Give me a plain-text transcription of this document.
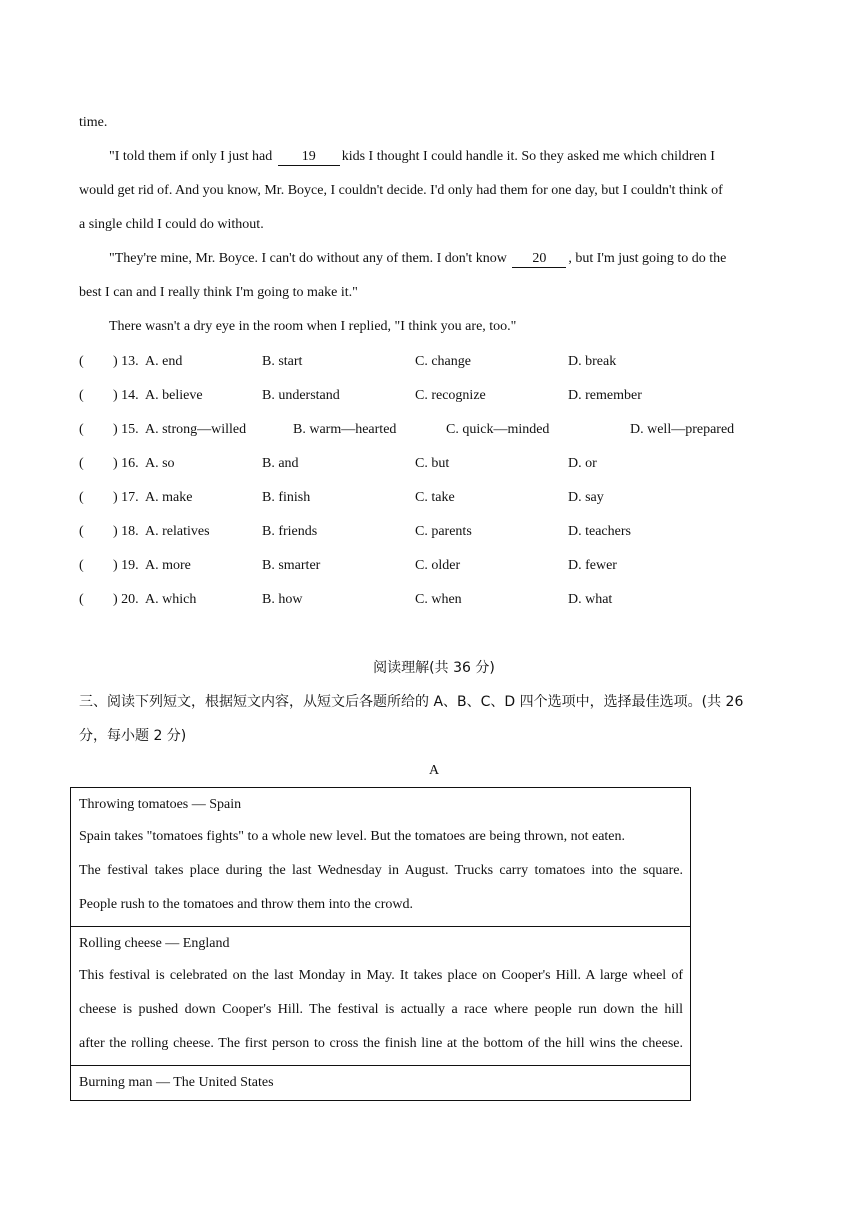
time.
"I told them if only I just had 19 kids I thought I could handle it. So they asked me which children I
would get rid of. And you know, Mr. Boyce, I couldn't decide. I'd only had them for one day, but I couldn't think of
a single child I could do without.
"They're mine, Mr. Boyce. I can't do without any of them. I don't know 20 , but I'm just going to do the
best I can and I really think I'm going to make it."
There wasn't a dry eye in the room when I replied, "I think you are, too."
( ) 13. A. end	B. start	C. change	D. break
( ) 14. A. believe	B. understand	C. recognize	D. remember
( ) 15. A. strong—willed	B. warm—hearted	C. quick—minded	D. well—prepared
( ) 16. A. so	B. and	C. but	D. or
( ) 17. A. make	B. finish	C. take	D. say
( ) 18. A. relatives	B. friends	C. parents	D. teachers
( ) 19. A. more	B. smarter	C. older	D. fewer
( ) 20. A. which	B. how	C. when	D. what
阅读理解(共 36 分)
三、阅读下列短文，根据短文内容，从短文后各题所给的 A、B、C、D 四个选项中，选择最佳选项。(共 26
分，每小题 2 分)
A

Throwing tomatoes — Spain

Spain takes "tomatoes fights" to a whole new level. But the tomatoes are being thrown, not eaten.

The festival takes place during the last Wednesday in August. Trucks carry tomatoes into the square.

People rush to the tomatoes and throw them into the crowd.

Rolling cheese — England

This festival is celebrated on the last Monday in May. It takes place on Cooper's Hill. A large wheel of

cheese is pushed down Cooper's Hill. The festival is actually a race where people run down the hill

after the rolling cheese. The first person to cross the finish line at the bottom of the hill wins the cheese.

Burning man — The United States
